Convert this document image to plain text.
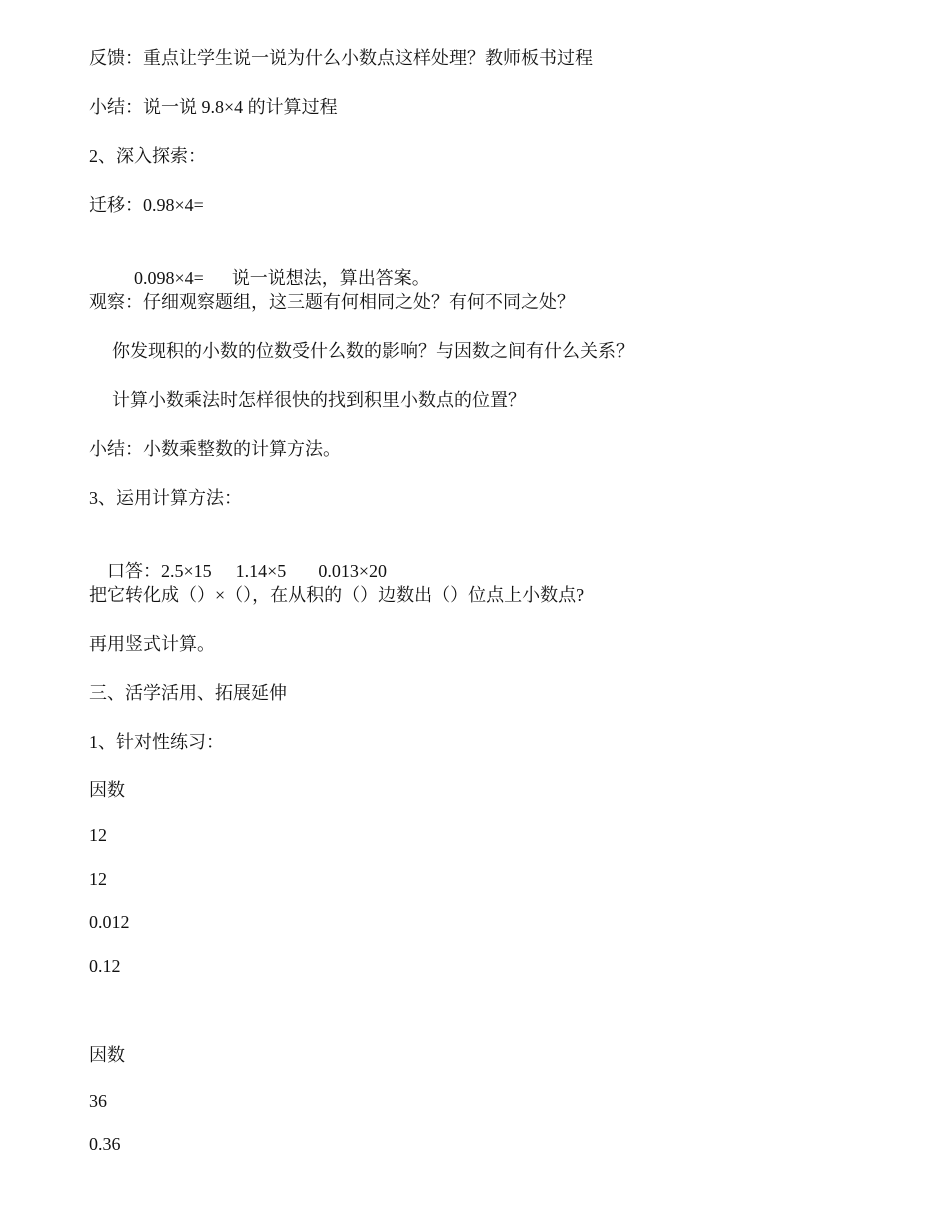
反馈：重点让学生说一说为什么小数点这样处理？教师板书过程
小结：说一说 9.8×4 的计算过程
2、深入探索：
迁移：0.98×4=

0.098×4= 说一说想法，算出答案。

观察：仔细观察题组，这三题有何相同之处？有何不同之处？
你发现积的小数的位数受什么数的影响？与因数之间有什么关系？
计算小数乘法时怎样很快的找到积里小数点的位置？
小结：小数乘整数的计算方法。
3、运用计算方法：

口答：2.5×15 1.14×5 0.013×20

把它转化成（）×（），在从积的（）边数出（）位点上小数点?
再用竖式计算。
三、活学活用、拓展延伸
1、针对性练习：
因数
12
12
0.012
0.12
因数
36
0.36
